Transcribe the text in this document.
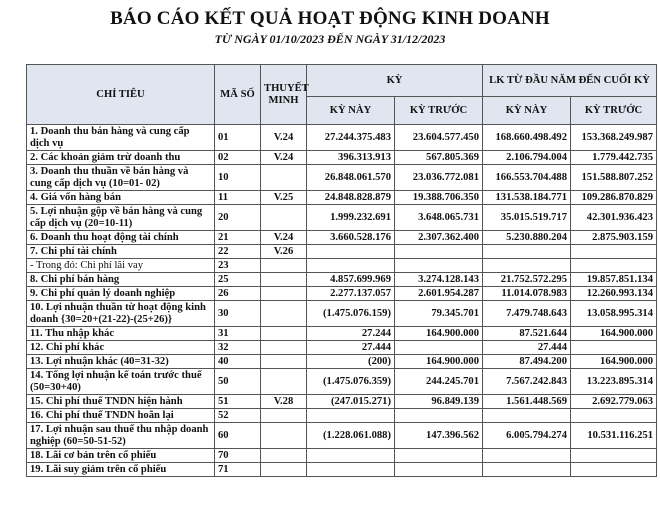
BÁO CÁO KẾT QUẢ HOẠT ĐỘNG KINH DOANH
TỪ NGÀY 01/10/2023 ĐẾN NGÀY 31/12/2023
CHỈ TIÊU	MÃ SỐ	THUYẾT MINH	KỲ		LK TỪ ĐẦU NĂM ĐẾN CUỐI KỲ	
			KỲ NÀY	KỲ TRƯỚC	KỲ NÀY	KỲ TRƯỚC
1. Doanh thu bán hàng và cung cấp dịch vụ	01	V.24	27.244.375.483	23.604.577.450	168.660.498.492	153.368.249.987
2. Các khoản giảm trừ doanh thu	02	V.24	396.313.913	567.805.369	2.106.794.004	1.779.442.735
3. Doanh thu thuần về bán hàng và cung cấp dịch vụ (10=01- 02)	10		26.848.061.570	23.036.772.081	166.553.704.488	151.588.807.252
4. Giá vốn hàng bán	11	V.25	24.848.828.879	19.388.706.350	131.538.184.771	109.286.870.829
5. Lợi nhuận gộp về bán hàng và cung cấp dịch vụ (20=10-11)	20		1.999.232.691	3.648.065.731	35.015.519.717	42.301.936.423
6. Doanh thu hoạt động tài chính	21	V.24	3.660.528.176	2.307.362.400	5.230.880.204	2.875.903.159
7. Chi phí tài chính	22	V.26				
- Trong đó: Chi phí lãi vay	23					
8. Chi phí bán hàng	25		4.857.699.969	3.274.128.143	21.752.572.295	19.857.851.134
9. Chi phí quản lý doanh nghiệp	26		2.277.137.057	2.601.954.287	11.014.078.983	12.260.993.134
10. Lợi nhuận thuần từ hoạt động kinh doanh {30=20+(21-22)-(25+26)}	30		(1.475.076.159)	79.345.701	7.479.748.643	13.058.995.314
11. Thu nhập khác	31		27.244	164.900.000	87.521.644	164.900.000
12. Chi phí khác	32		27.444		27.444	
13. Lợi nhuận khác (40=31-32)	40		(200)	164.900.000	87.494.200	164.900.000
14. Tổng lợi nhuận kế toán trước thuế (50=30+40)	50		(1.475.076.359)	244.245.701	7.567.242.843	13.223.895.314
15. Chi phí thuế TNDN hiện hành	51	V.28	(247.015.271)	96.849.139	1.561.448.569	2.692.779.063
16. Chi phí thuế TNDN hoãn lại	52					
17. Lợi nhuận sau thuế thu nhập doanh nghiệp (60=50-51-52)	60		(1.228.061.088)	147.396.562	6.005.794.274	10.531.116.251
18. Lãi cơ bản trên cổ phiếu	70					
19. Lãi suy giảm trên cổ phiếu	71					
